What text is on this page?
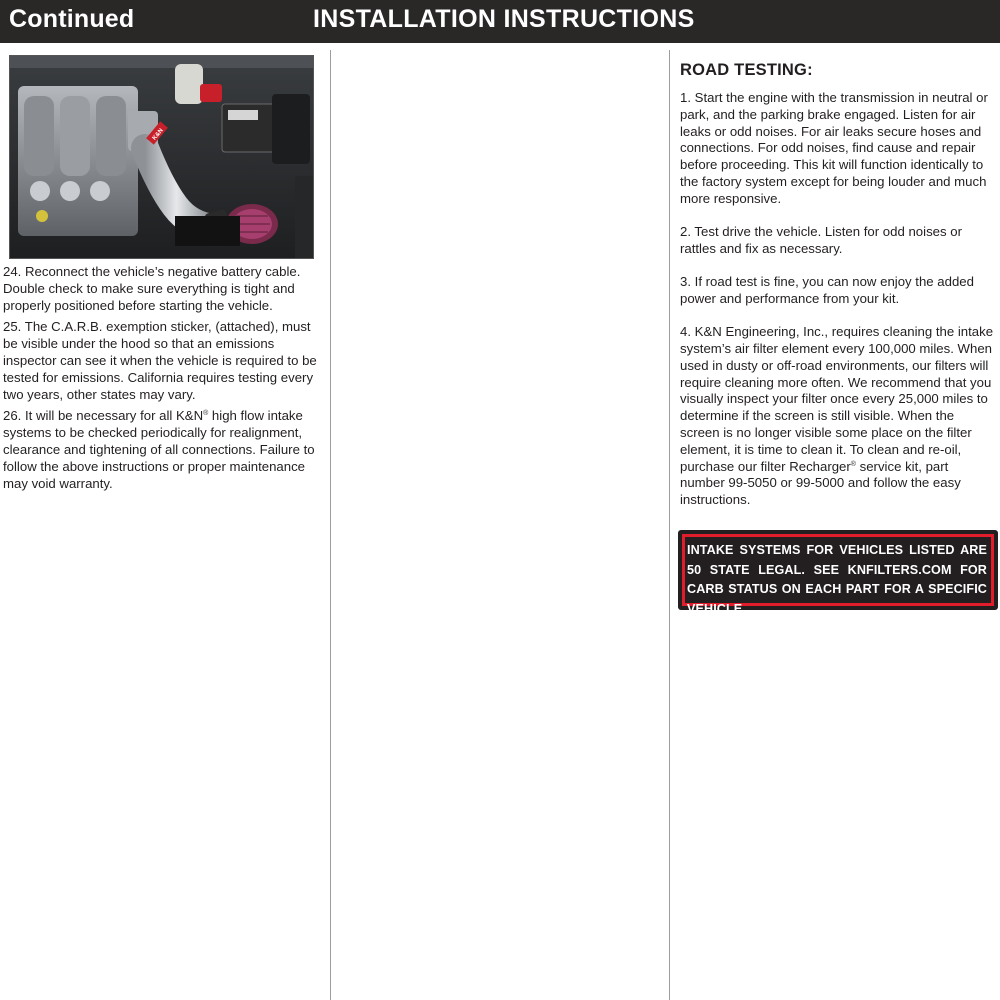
Continued	INSTALLATION INSTRUCTIONS
K&N

24. Reconnect the vehicle’s negative battery cable. Double check to make sure everything is tight and properly positioned before starting the vehicle.

25. The C.A.R.B. exemption sticker, (attached), must be visible under the hood so that an emissions inspector can see it when the vehicle is required to be tested for emissions. California requires testing every two years, other states may vary.

26. It will be necessary for all K&N® high flow intake systems to be checked periodically for realignment, clearance and tightening of all connections. Failure to follow the above instructions or proper maintenance may void warranty.

ROAD TESTING:

1. Start the engine with the transmission in neutral or park, and the parking brake engaged. Listen for air leaks or odd noises. For air leaks secure hoses and connections. For odd noises, find cause and repair before proceeding. This kit will function identically to the factory system except for being louder and much more responsive.

2. Test drive the vehicle. Listen for odd noises or rattles and fix as necessary.

3. If road test is fine, you can now enjoy the added power and performance from your kit.

4. K&N Engineering, Inc., requires cleaning the intake system’s air filter element every 100,000 miles. When used in dusty or off-road environments, our filters will require cleaning more often. We recommend that you visually inspect your filter once every 25,000 miles to determine if the screen is still visible. When the screen is no longer visible some place on the filter element, it is time to clean it. To clean and re-oil, purchase our filter Recharger® service kit, part number 99-5050 or 99-5000 and follow the easy instructions.

INTAKE SYSTEMS FOR VEHICLES LISTED ARE 50 STATE LEGAL. SEE KNFILTERS.COM FOR CARB STATUS ON EACH PART FOR A SPECIFIC VEHICLE.
